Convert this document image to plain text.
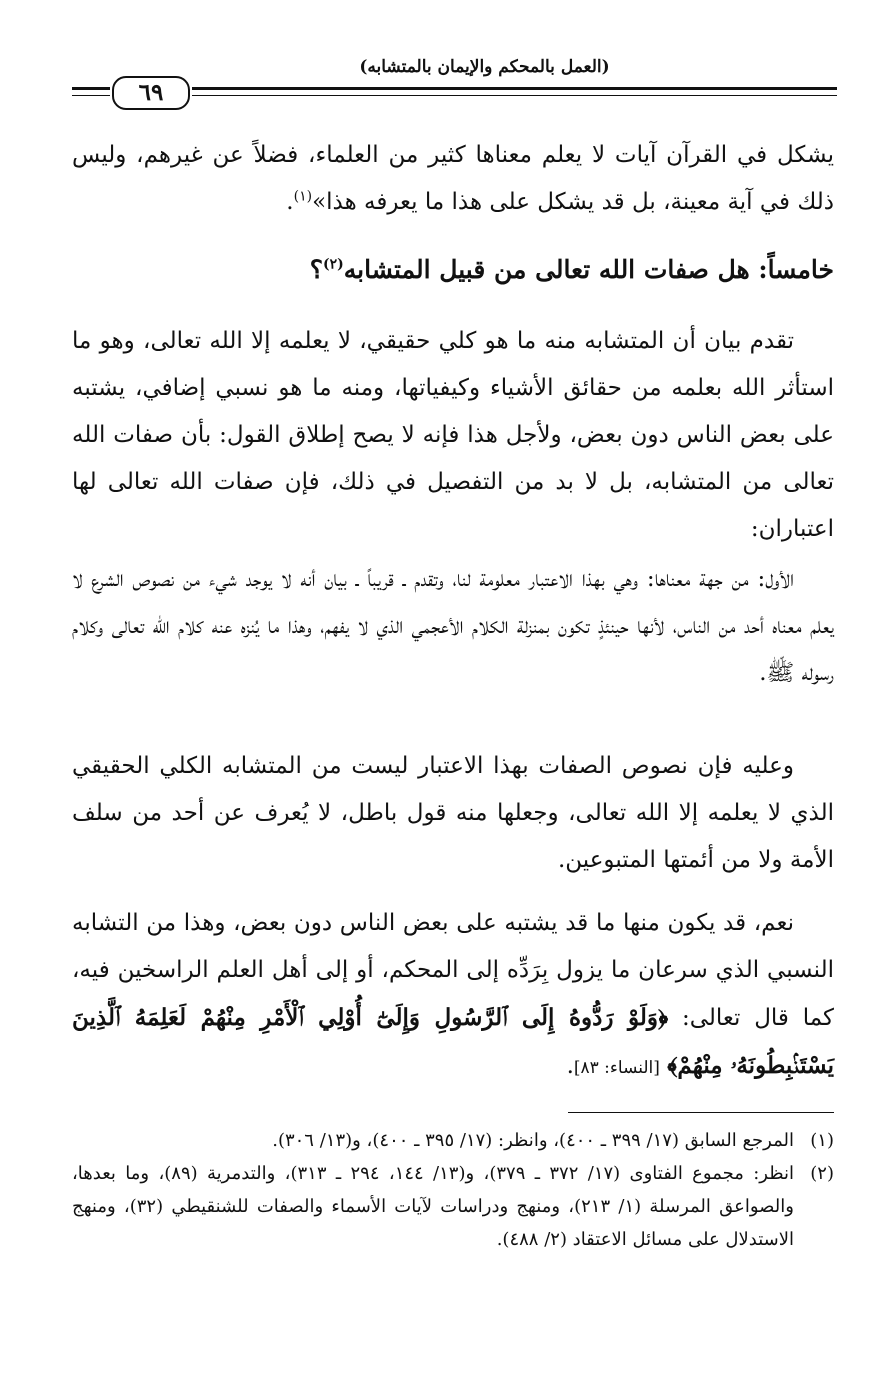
٦٩
(العمل بالمحكم والإيمان بالمتشابه)

يشكل في القرآن آيات لا يعلم معناها كثير من العلماء، فضلاً عن غيرهم، وليس ذلك في آية معينة، بل قد يشكل على هذا ما يعرفه هذا»$^{(١)}$.

خامساً: هل صفات الله تعالى من قبيل المتشابه$^{(٢)}$؟

تقدم بيان أن المتشابه منه ما هو كلي حقيقي، لا يعلمه إلا الله تعالى، وهو ما استأثر الله بعلمه من حقائق الأشياء وكيفياتها، ومنه ما هو نسبي إضافي، يشتبه على بعض الناس دون بعض، ولأجل هذا فإنه لا يصح إطلاق القول: بأن صفات الله تعالى من المتشابه، بل لا بد من التفصيل في ذلك، فإن صفات الله تعالى لها اعتباران:

الأول: من جهة معناها: وهي بهذا الاعتبار معلومة لنا، وتقدم ـ قريباً ـ بيان أنه لا يوجد شيء من نصوص الشرع لا يعلم معناه أحد من الناس، لأنها حينئذٍ تكون بمنزلة الكلام الأعجمي الذي لا يفهم، وهذا ما يُنزه عنه كلام الله تعالى وكلام رسوله ﷺ.

وعليه فإن نصوص الصفات بهذا الاعتبار ليست من المتشابه الكلي الحقيقي الذي لا يعلمه إلا الله تعالى، وجعلها منه قول باطل، لا يُعرف عن أحد من سلف الأمة ولا من أئمتها المتبوعين.

نعم، قد يكون منها ما قد يشتبه على بعض الناس دون بعض، وهذا من التشابه النسبي الذي سرعان ما يزول بِرَدِّه إلى المحكم، أو إلى أهل العلم الراسخين فيه، كما قال تعالى: ﴿وَلَوْ رَدُّوهُ إِلَى ٱلرَّسُولِ وَإِلَىٰٓ أُوْلِي ٱلْأَمْرِ مِنْهُمْ لَعَلِمَهُ ٱلَّذِينَ يَسْتَنۢبِطُونَهُۥ مِنْهُمْ﴾ [النساء: ٨٣].

(١)
المرجع السابق (١٧/ ٣٩٩ ـ ٤٠٠)، وانظر: (١٧/ ٣٩٥ ـ ٤٠٠)، و(١٣/ ٣٠٦).
(٢)
انظر: مجموع الفتاوى (١٧/ ٣٧٢ ـ ٣٧٩)، و(١٣/ ١٤٤، ٢٩٤ ـ ٣١٣)، والتدمرية (٨٩)، وما بعدها، والصواعق المرسلة (١/ ٢١٣)، ومنهج ودراسات لآيات الأسماء والصفات للشنقيطي (٣٢)، ومنهج الاستدلال على مسائل الاعتقاد (٢/ ٤٨٨).
